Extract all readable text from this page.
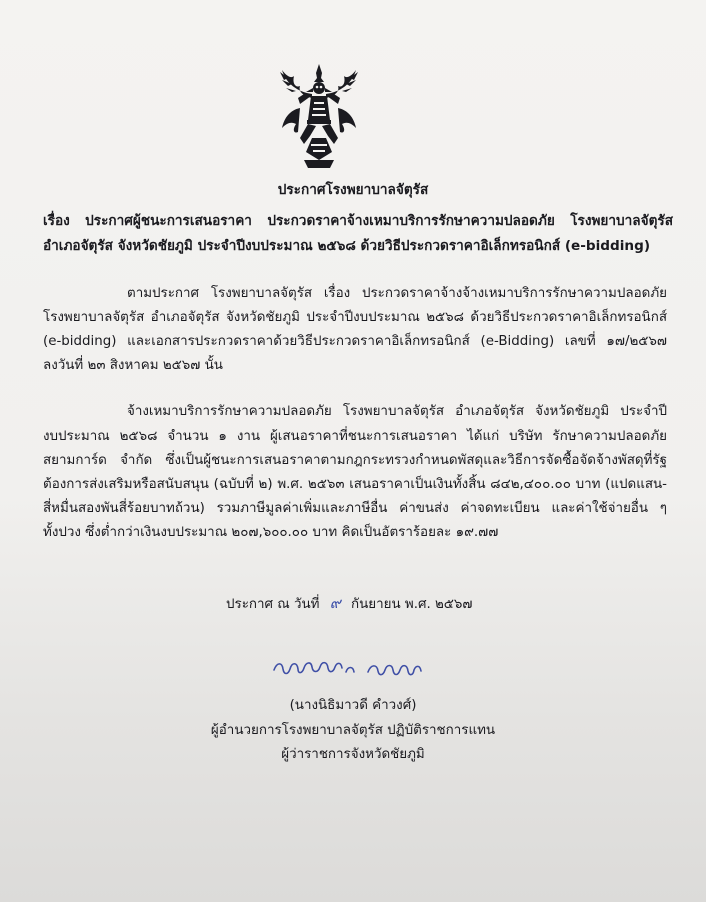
ประกาศโรงพยาบาลจัตุรัส
เรื่อง ประกาศผู้ชนะการเสนอราคา ประกวดราคาจ้างเหมาบริการรักษาความปลอดภัย โรงพยาบาลจัตุรัส
อำเภอจัตุรัส จังหวัดชัยภูมิ ประจำปีงบประมาณ ๒๕๖๘ ด้วยวิธีประกวดราคาอิเล็กทรอนิกส์ (e-bidding)
ตามประกาศ โรงพยาบาลจัตุรัส เรื่อง ประกวดราคาจ้างจ้างเหมาบริการรักษาความปลอดภัย
โรงพยาบาลจัตุรัส อำเภอจัตุรัส จังหวัดชัยภูมิ ประจำปีงบประมาณ ๒๕๖๘ ด้วยวิธีประกวดราคาอิเล็กทรอนิกส์
(e-bidding) และเอกสารประกวดราคาด้วยวิธีประกวดราคาอิเล็กทรอนิกส์ (e-Bidding) เลขที่ ๑๗/๒๕๖๗
ลงวันที่ ๒๓ สิงหาคม ๒๕๖๗ นั้น
จ้างเหมาบริการรักษาความปลอดภัย โรงพยาบาลจัตุรัส อำเภอจัตุรัส จังหวัดชัยภูมิ ประจำปี
งบประมาณ ๒๕๖๘ จำนวน ๑ งาน ผู้เสนอราคาที่ชนะการเสนอราคา ได้แก่ บริษัท รักษาความปลอดภัย
สยามการ์ด จำกัด ซึ่งเป็นผู้ชนะการเสนอราคาตามกฎกระทรวงกำหนดพัสดุและวิธีการจัดซื้อจัดจ้างพัสดุที่รัฐ
ต้องการส่งเสริมหรือสนับสนุน (ฉบับที่ ๒) พ.ศ. ๒๕๖๓ เสนอราคาเป็นเงินทั้งสิ้น ๘๔๒,๔๐๐.๐๐ บาท (แปดแสน-
สี่หมื่นสองพันสี่ร้อยบาทถ้วน) รวมภาษีมูลค่าเพิ่มและภาษีอื่น ค่าขนส่ง ค่าจดทะเบียน และค่าใช้จ่ายอื่น ๆ
ทั้งปวง ซึ่งต่ำกว่าเงินงบประมาณ ๒๐๗,๖๐๐.๐๐ บาท คิดเป็นอัตราร้อยละ ๑๙.๗๗
ประกาศ ณ วันที่ ๙ กันยายน พ.ศ. ๒๕๖๗
(นางนิธิมาวดี คำวงศ์)
ผู้อำนวยการโรงพยาบาลจัตุรัส ปฏิบัติราชการแทน
ผู้ว่าราชการจังหวัดชัยภูมิ
